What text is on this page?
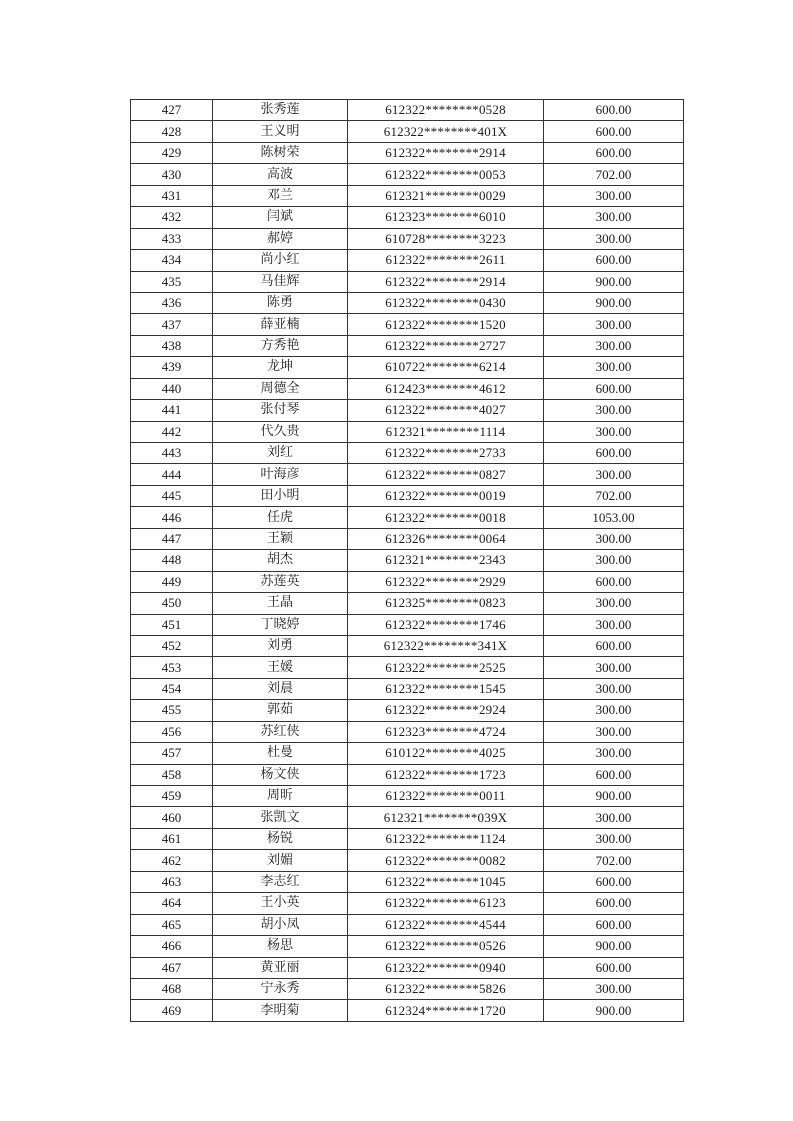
427	张秀莲	612322********0528	600.00
428	王义明	612322********401X	600.00
429	陈树荣	612322********2914	600.00
430	高波	612322********0053	702.00
431	邓兰	612321********0029	300.00
432	闫斌	612323********6010	300.00
433	郝婷	610728********3223	300.00
434	尚小红	612322********2611	600.00
435	马佳辉	612322********2914	900.00
436	陈勇	612322********0430	900.00
437	薛亚楠	612322********1520	300.00
438	方秀艳	612322********2727	300.00
439	龙坤	610722********6214	300.00
440	周德全	612423********4612	600.00
441	张付琴	612322********4027	300.00
442	代久贵	612321********1114	300.00
443	刘红	612322********2733	600.00
444	叶海彦	612322********0827	300.00
445	田小明	612322********0019	702.00
446	任虎	612322********0018	1053.00
447	王颖	612326********0064	300.00
448	胡杰	612321********2343	300.00
449	苏莲英	612322********2929	600.00
450	王晶	612325********0823	300.00
451	丁晓婷	612322********1746	300.00
452	刘勇	612322********341X	600.00
453	王媛	612322********2525	300.00
454	刘晨	612322********1545	300.00
455	郭茹	612322********2924	300.00
456	苏红侠	612323********4724	300.00
457	杜曼	610122********4025	300.00
458	杨文侠	612322********1723	600.00
459	周昕	612322********0011	900.00
460	张凯文	612321********039X	300.00
461	杨锐	612322********1124	300.00
462	刘媚	612322********0082	702.00
463	李志红	612322********1045	600.00
464	王小英	612322********6123	600.00
465	胡小凤	612322********4544	600.00
466	杨思	612322********0526	900.00
467	黄亚丽	612322********0940	600.00
468	宁永秀	612322********5826	300.00
469	李明菊	612324********1720	900.00
